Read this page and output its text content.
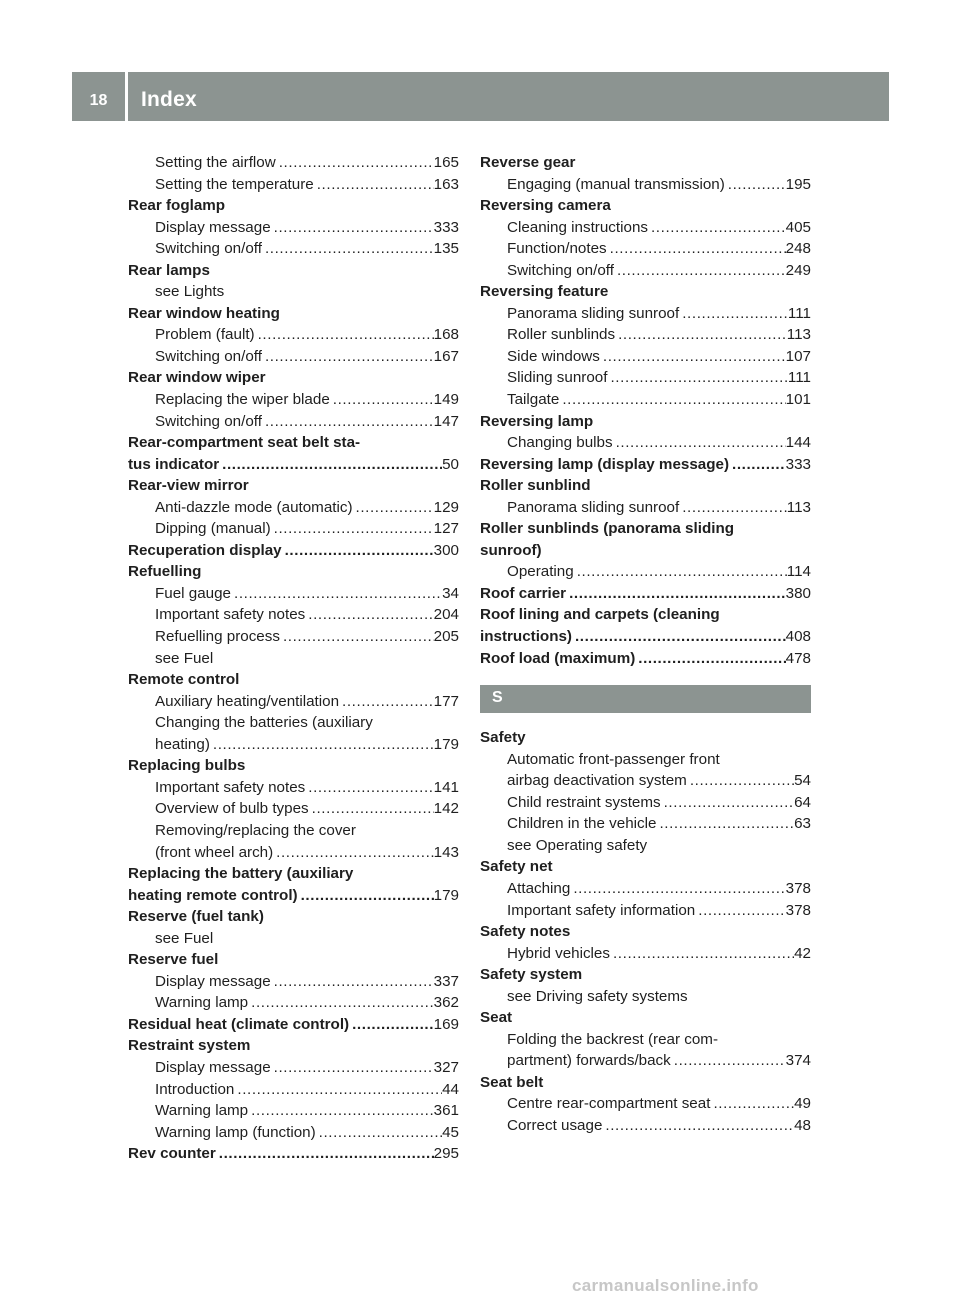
18	Index
Setting the airflow .....	165
Setting the temperature .....	163
Rear foglamp
Display message .....	333
Switching on/off .....	135
Rear lamps
see Lights
Rear window heating
Problem (fault) .....	168
Switching on/off .....	167
Rear window wiper
Replacing the wiper blade .....	149
Switching on/off .....	147
Rear-compartment seat belt sta-
tus indicator .....	50
Rear-view mirror
Anti-dazzle mode (automatic) .....	129
Dipping (manual) .....	127
Recuperation display .....	300
Refuelling
Fuel gauge .....	34
Important safety notes .....	204
Refuelling process .....	205
see Fuel
Remote control
Auxiliary heating/ventilation .....	177
Changing the batteries (auxiliary
heating) .....	179
Replacing bulbs
Important safety notes .....	141
Overview of bulb types .....	142
Removing/replacing the cover
(front wheel arch) .....	143
Replacing the battery (auxiliary
heating remote control) .....	179
Reserve (fuel tank)
see Fuel
Reserve fuel
Display message .....	337
Warning lamp .....	362
Residual heat (climate control) .....	169
Restraint system
Display message .....	327
Introduction .....	44
Warning lamp .....	361
Warning lamp (function) .....	45
Rev counter .....	295
Reverse gear
Engaging (manual transmission) .....	195
Reversing camera
Cleaning instructions .....	405
Function/notes .....	248
Switching on/off .....	249
Reversing feature
Panorama sliding sunroof .....	111
Roller sunblinds .....	113
Side windows .....	107
Sliding sunroof .....	111
Tailgate .....	101
Reversing lamp
Changing bulbs .....	144
Reversing lamp (display message) .....	333
Roller sunblind
Panorama sliding sunroof .....	113
Roller sunblinds (panorama sliding
sunroof)
Operating .....	114
Roof carrier .....	380
Roof lining and carpets (cleaning
instructions) .....	408
Roof load (maximum) .....	478
S
Safety
Automatic front-passenger front
airbag deactivation system .....	54
Child restraint systems .....	64
Children in the vehicle .....	63
see Operating safety
Safety net
Attaching .....	378
Important safety information .....	378
Safety notes
Hybrid vehicles .....	42
Safety system
see Driving safety systems
Seat
Folding the backrest (rear com-
partment) forwards/back .....	374
Seat belt
Centre rear-compartment seat .....	49
Correct usage .....	48
carmanualsonline.info
